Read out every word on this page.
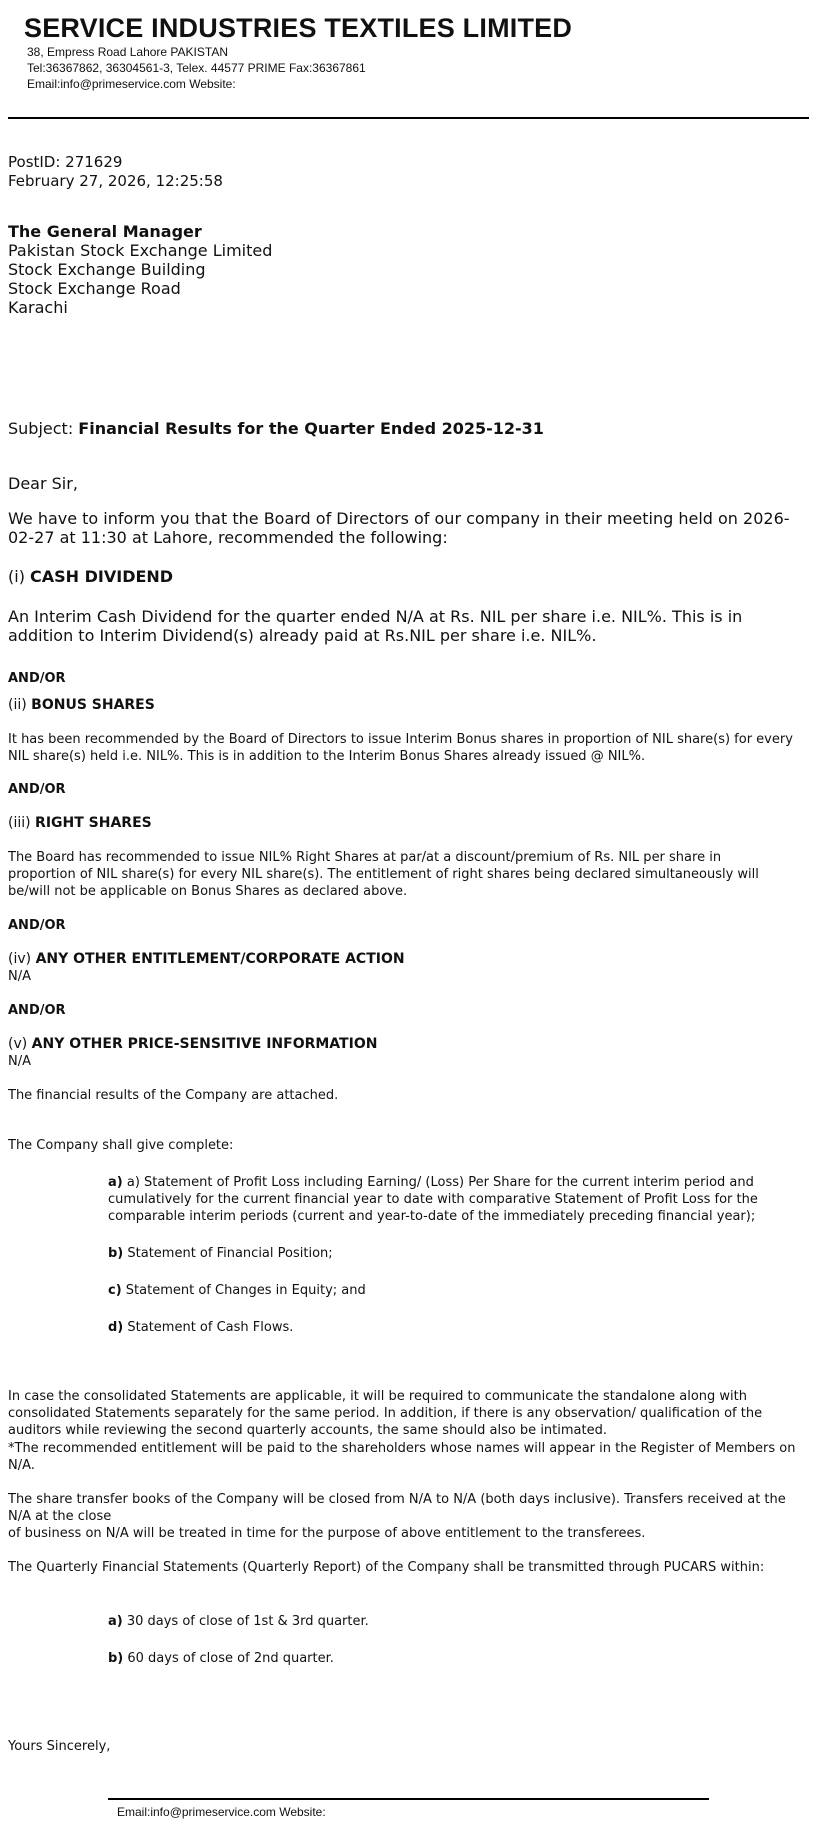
SERVICE INDUSTRIES TEXTILES LIMITED
38, Empress Road Lahore PAKISTAN
Tel:36367862, 36304561-3, Telex. 44577 PRIME Fax:36367861
Email:info@primeservice.com Website:

PostID: 271629

February 27, 2026, 12:25:58

The General Manager

Pakistan Stock Exchange Limited

Stock Exchange Building

Stock Exchange Road

Karachi

Subject: Financial Results for the Quarter Ended 2025-12-31
Dear Sir,
We have to inform you that the Board of Directors of our company in their meeting held on 2026-02-27 at 11:30 at Lahore, recommended the following:
(i) CASH DIVIDEND
An Interim Cash Dividend for the quarter ended N/A at Rs. NIL per share i.e. NIL%. This is in addition to Interim Dividend(s) already paid at Rs.NIL per share i.e. NIL%.
AND/OR
(ii) BONUS SHARES
It has been recommended by the Board of Directors to issue Interim Bonus shares in proportion of NIL share(s) for every NIL share(s) held i.e. NIL%. This is in addition to the Interim Bonus Shares already issued @ NIL%.
AND/OR
(iii) RIGHT SHARES
The Board has recommended to issue NIL% Right Shares at par/at a discount/premium of Rs. NIL per share in proportion of NIL share(s) for every NIL share(s). The entitlement of right shares being declared simultaneously will be/will not be applicable on Bonus Shares as declared above.
AND/OR
(iv) ANY OTHER ENTITLEMENT/CORPORATE ACTION
N/A
AND/OR
(v) ANY OTHER PRICE-SENSITIVE INFORMATION
N/A
The financial results of the Company are attached.
The Company shall give complete:
a) a) Statement of Profit Loss including Earning/ (Loss) Per Share for the current interim period and cumulatively for the current financial year to date with comparative Statement of Profit Loss for the comparable interim periods (current and year-to-date of the immediately preceding financial year);
b) Statement of Financial Position;
c) Statement of Changes in Equity; and
d) Statement of Cash Flows.
In case the consolidated Statements are applicable, it will be required to communicate the standalone along with consolidated Statements separately for the same period. In addition, if there is any observation/ qualification of the auditors while reviewing the second quarterly accounts, the same should also be intimated.
*The recommended entitlement will be paid to the shareholders whose names will appear in the Register of Members on N/A.

The share transfer books of the Company will be closed from N/A to N/A (both days inclusive). Transfers received at the N/A at the close

of business on N/A will be treated in time for the purpose of above entitlement to the transferees.

The Quarterly Financial Statements (Quarterly Report) of the Company shall be transmitted through PUCARS within:
a) 30 days of close of 1st & 3rd quarter.
b) 60 days of close of 2nd quarter.
Yours Sincerely,
Email:info@primeservice.com Website:
